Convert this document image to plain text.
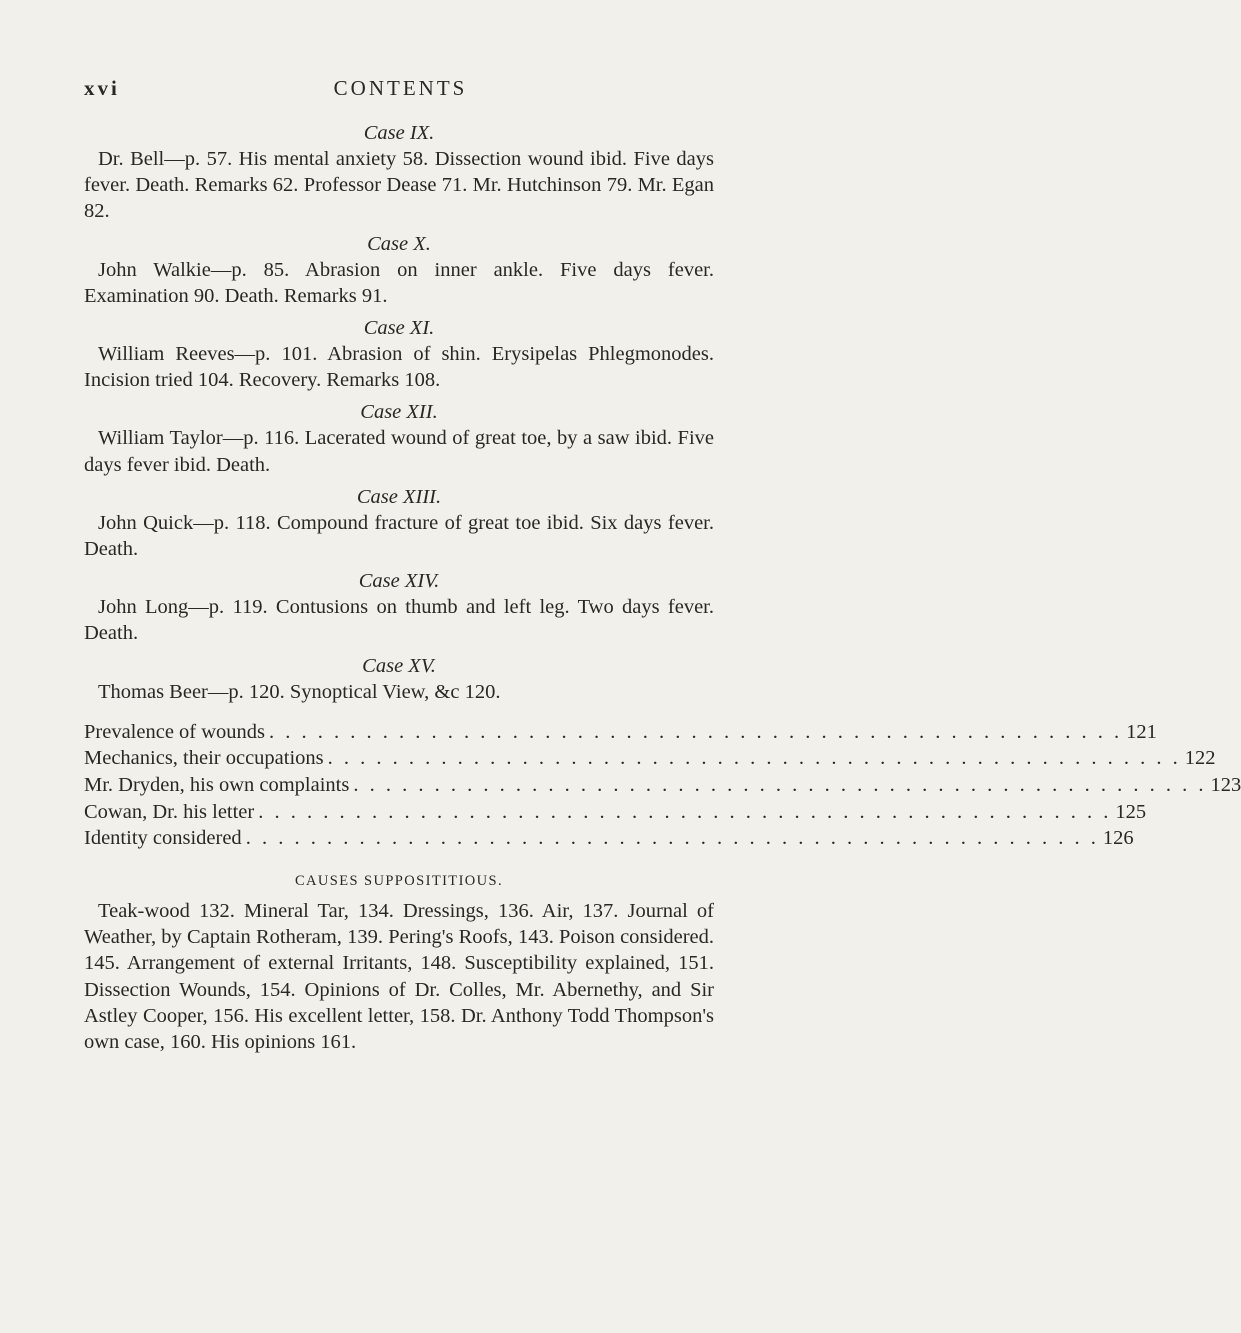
xvi	CONTENTS
Case IX.

Dr. Bell—p. 57. His mental anxiety 58. Dissection wound ibid. Five days fever. Death. Remarks 62. Professor Dease 71. Mr. Hutchinson 79. Mr. Egan 82.

Case X.

John Walkie—p. 85. Abrasion on inner ankle. Five days fever. Examination 90. Death. Remarks 91.

Case XI.

William Reeves—p. 101. Abrasion of shin. Erysipelas Phlegmonodes. Incision tried 104. Recovery. Remarks 108.

Case XII.

William Taylor—p. 116. Lacerated wound of great toe, by a saw ibid. Five days fever ibid. Death.

Case XIII.

John Quick—p. 118. Compound fracture of great toe ibid. Six days fever. Death.

Case XIV.

John Long—p. 119. Contusions on thumb and left leg. Two days fever. Death.

Case XV.

Thomas Beer—p. 120. Synoptical View, &c 120.

Prevalence of wounds . . . . . . . . . . . . . . . . . . . . . . . . . . . . . . . . . . . . . . . . . . . . . . . . . . . . . 121
Mechanics, their occupations . . . . . . . . . . . . . . . . . . . . . . . . . . . . . . . . . . . . . . . . . . . . . . . . . . . . . 122
Mr. Dryden, his own complaints . . . . . . . . . . . . . . . . . . . . . . . . . . . . . . . . . . . . . . . . . . . . . . . . . . . . . 123
Cowan, Dr. his letter . . . . . . . . . . . . . . . . . . . . . . . . . . . . . . . . . . . . . . . . . . . . . . . . . . . . . 125
Identity considered . . . . . . . . . . . . . . . . . . . . . . . . . . . . . . . . . . . . . . . . . . . . . . . . . . . . . 126
CAUSES SUPPOSITITIOUS.

Teak-wood 132. Mineral Tar, 134. Dressings, 136. Air, 137. Journal of Weather, by Captain Rotheram, 139. Pering's Roofs, 143. Poison considered. 145. Arrangement of external Irritants, 148. Susceptibility explained, 151. Dissection Wounds, 154. Opinions of Dr. Colles, Mr. Abernethy, and Sir Astley Cooper, 156. His excellent letter, 158. Dr. Anthony Todd Thompson's own case, 160. His opinions 161.
